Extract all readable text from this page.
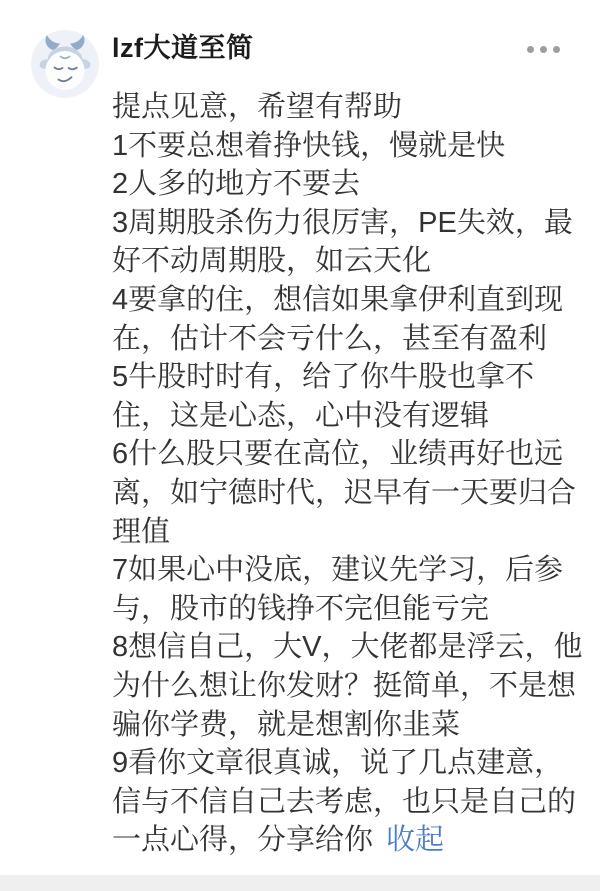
lzf大道至简

提点见意，希望有帮助

1不要总想着挣快钱，慢就是快

2人多的地方不要去

3周期股杀伤力很厉害，PE失效，最好不动周期股，如云天化

4要拿的住，想信如果拿伊利直到现在，估计不会亏什么，甚至有盈利

5牛股时时有，给了你牛股也拿不住，这是心态，心中没有逻辑

6什么股只要在高位，业绩再好也远离，如宁德时代，迟早有一天要归合理值

7如果心中没底，建议先学习，后参与，股市的钱挣不完但能亏完

8想信自己，大V，大佬都是浮云，他为什么想让你发财？挺简单，不是想骗你学费，就是想割你韭菜

9看你文章很真诚，说了几点建意，信与不信自己去考虑，也只是自己的一点心得，分享给你 收起
